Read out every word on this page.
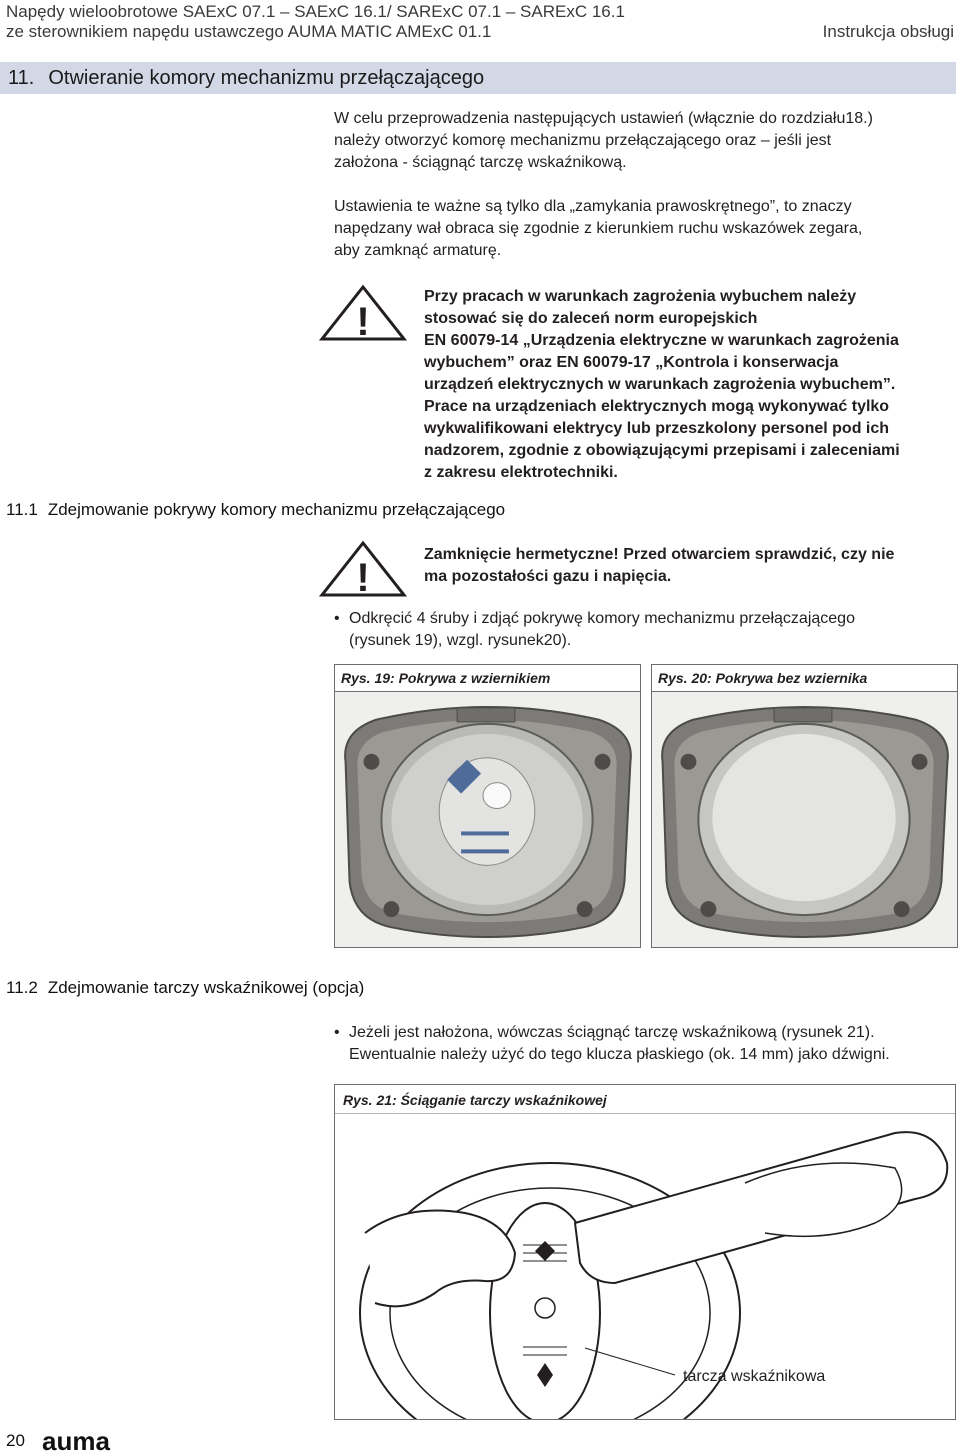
Napędy wieloobrotowe SAExC 07.1 – SAExC 16.1/ SARExC 07.1 – SARExC 16.1
ze sterownikiem napędu ustawczego AUMA MATIC AMExC 01.1	Instrukcja obsługi
11. Otwieranie komory mechanizmu przełączającego
W celu przeprowadzenia następujących ustawień (włącznie do rozdziału18.)
należy otworzyć komorę mechanizmu przełączającego oraz – jeśli jest
założona - ściągnąć tarczę wskaźnikową.
Ustawienia te ważne są tylko dla „zamykania prawoskrętnego”, to znaczy
napędzany wał obraca się zgodnie z kierunkiem ruchu wskazówek zegara,
aby zamknąć armaturę.
!
Przy pracach w warunkach zagrożenia wybuchem należy
stosować się do zaleceń norm europejskich
EN 60079-14 „Urządzenia elektryczne w warunkach zagrożenia
wybuchem” oraz EN 60079-17 „Kontrola i konserwacja
urządzeń elektrycznych w warunkach zagrożenia wybuchem”.
Prace na urządzeniach elektrycznych mogą wykonywać tylko
wykwalifikowani elektrycy lub przeszkolony personel pod ich
nadzorem, zgodnie z obowiązującymi przepisami i zaleceniami
z zakresu elektrotechniki.
11.1 Zdejmowanie pokrywy komory mechanizmu przełączającego
!
Zamknięcie hermetyczne! Przed otwarciem sprawdzić, czy nie
ma pozostałości gazu i napięcia.
• Odkręcić 4 śruby i zdjąć pokrywę komory mechanizmu przełączającego
(rysunek 19), wzgl. rysunek20).
Rys. 19: Pokrywa z wziernikiem	Rys. 20: Pokrywa bez wziernika
11.2 Zdejmowanie tarczy wskaźnikowej (opcja)
• Jeżeli jest nałożona, wówczas ściągnąć tarczę wskaźnikową (rysunek 21).
Ewentualnie należy użyć do tego klucza płaskiego (ok. 14 mm) jako dźwigni.
Rys. 21: Ściąganie tarczy wskaźnikowej
tarcza wskaźnikowa
20 auma
